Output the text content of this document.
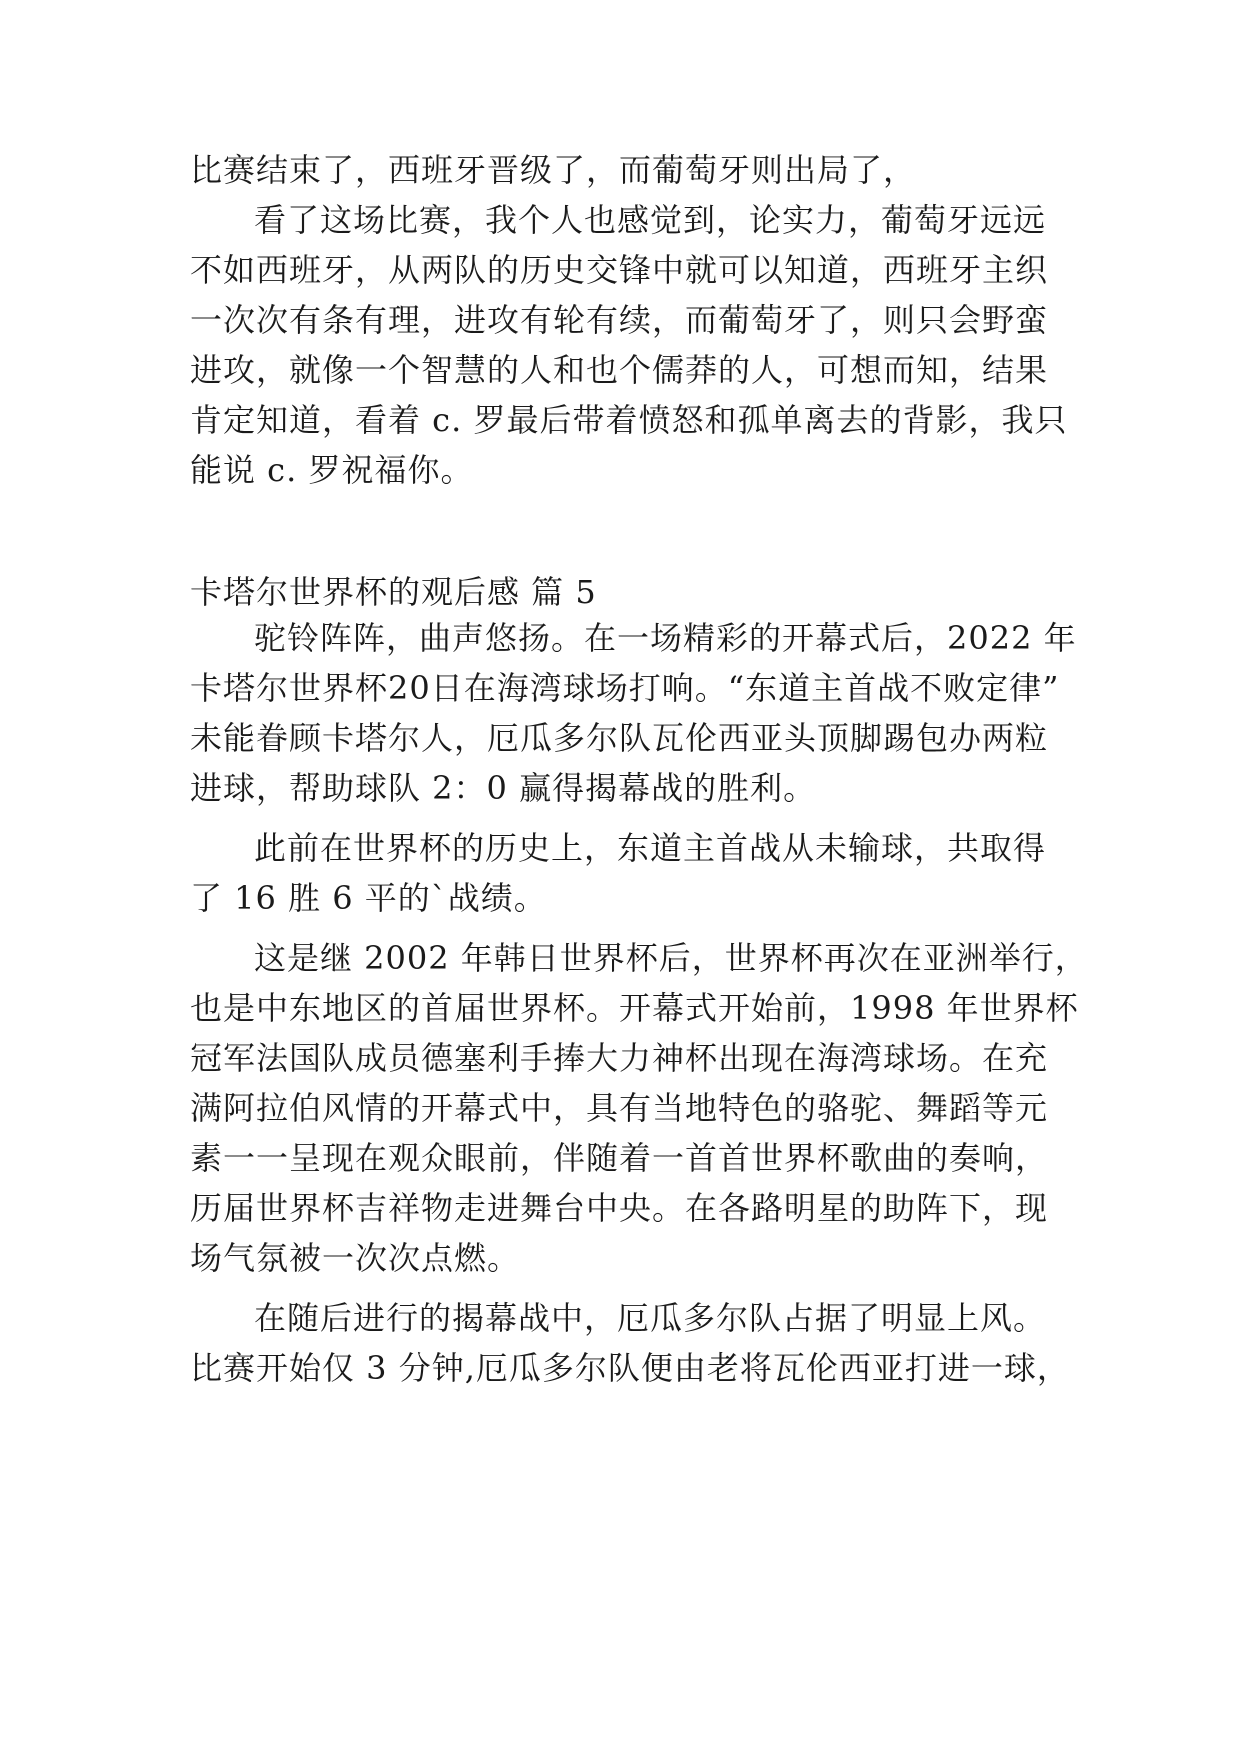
比赛结束了，西班牙晋级了，而葡萄牙则出局了，
看了这场比赛，我个人也感觉到，论实力，葡萄牙远远
不如西班牙，从两队的历史交锋中就可以知道，西班牙主织
一次次有条有理，进攻有轮有续，而葡萄牙了，则只会野蛮
进攻，就像一个智慧的人和也个儒莽的人，可想而知，结果
肯定知道，看着 c. 罗最后带着愤怒和孤单离去的背影，我只
能说 c. 罗祝福你。
卡塔尔世界杯的观后感 篇 5
驼铃阵阵，曲声悠扬。在一场精彩的开幕式后，2022 年
卡塔尔世界杯20日在海湾球场打响。“东道主首战不败定律”
未能眷顾卡塔尔人，厄瓜多尔队瓦伦西亚头顶脚踢包办两粒
进球，帮助球队 2：0 赢得揭幕战的胜利。
此前在世界杯的历史上，东道主首战从未输球，共取得
了 16 胜 6 平的`战绩。
这是继 2002 年韩日世界杯后，世界杯再次在亚洲举行，
也是中东地区的首届世界杯。开幕式开始前，1998 年世界杯
冠军法国队成员德塞利手捧大力神杯出现在海湾球场。在充
满阿拉伯风情的开幕式中，具有当地特色的骆驼、舞蹈等元
素一一呈现在观众眼前，伴随着一首首世界杯歌曲的奏响，
历届世界杯吉祥物走进舞台中央。在各路明星的助阵下，现
场气氛被一次次点燃。
在随后进行的揭幕战中，厄瓜多尔队占据了明显上风。
比赛开始仅 3 分钟,厄瓜多尔队便由老将瓦伦西亚打进一球，
